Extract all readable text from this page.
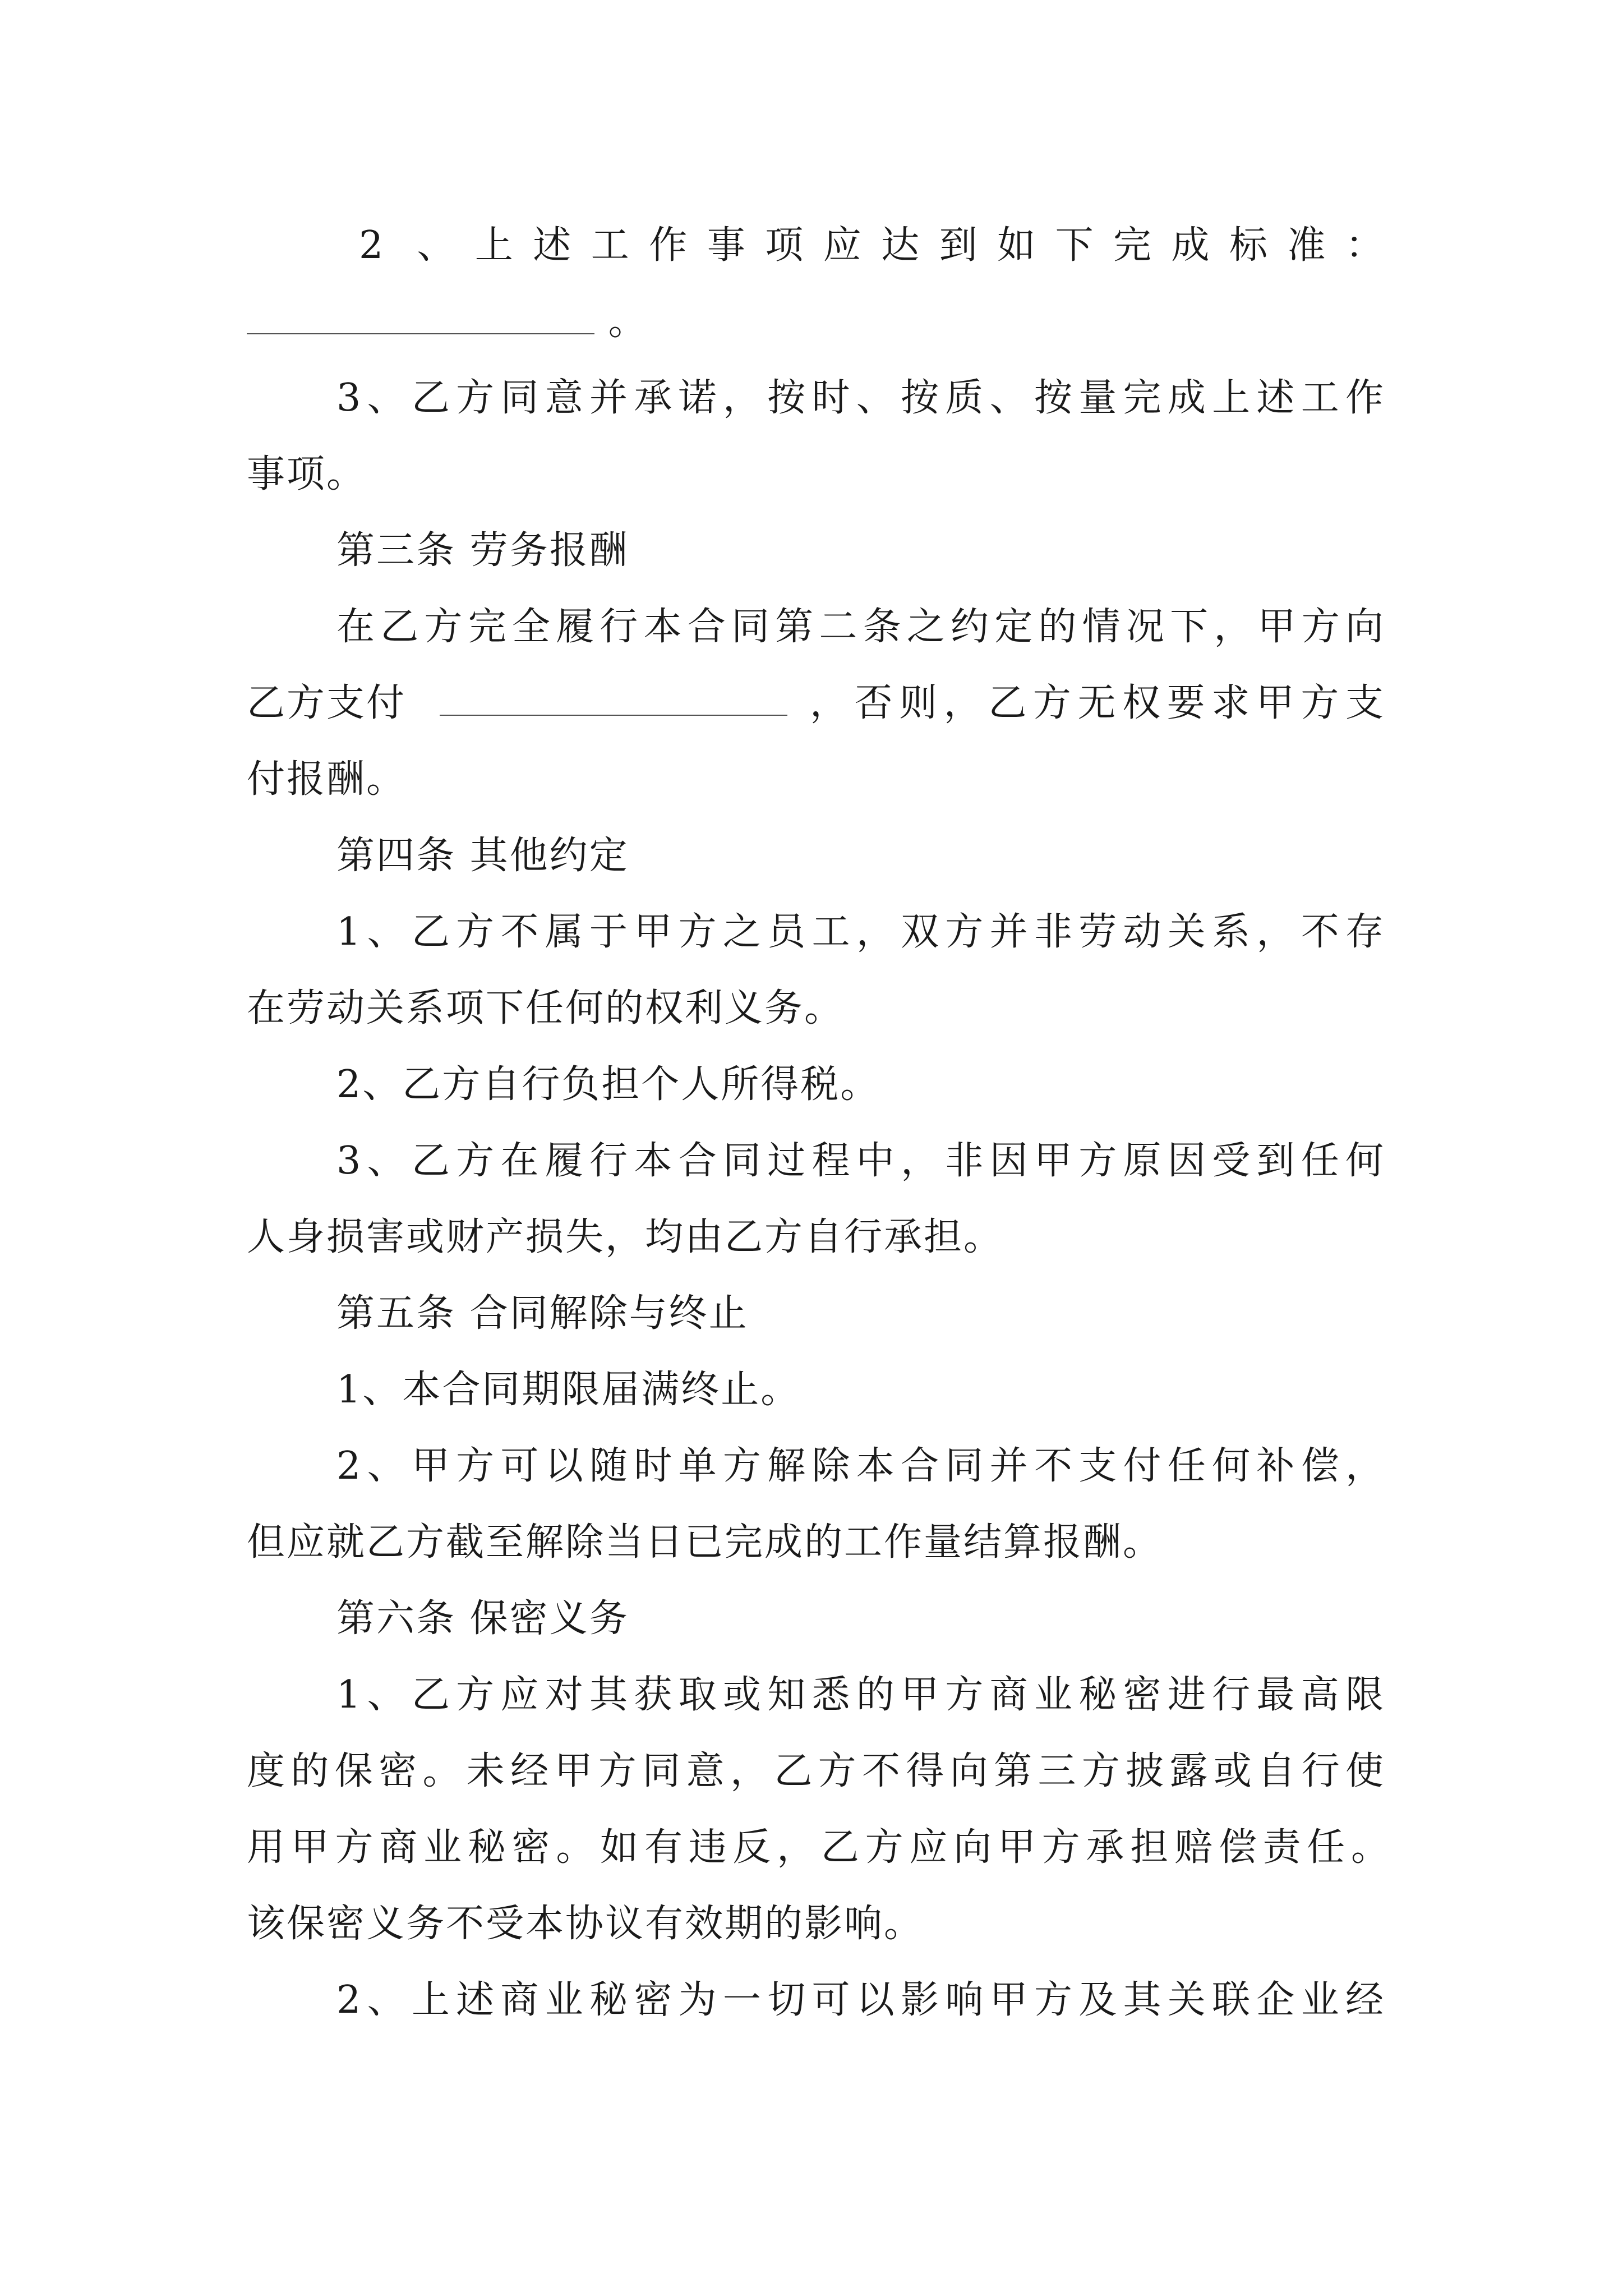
2 、上述工作事项应达到如下完成标准：
。
3、乙方同意并承诺，按时、按质、按量完成上述工作
事项。
第三条 劳务报酬
在乙方完全履行本合同第二条之约定的情况下，甲方向
乙方支付	，否则，乙方无权要求甲方支
付报酬。
第四条 其他约定
1、乙方不属于甲方之员工，双方并非劳动关系，不存
在劳动关系项下任何的权利义务。
2、乙方自行负担个人所得税。
3、乙方在履行本合同过程中，非因甲方原因受到任何
人身损害或财产损失，均由乙方自行承担。
第五条 合同解除与终止
1、本合同期限届满终止。
2、甲方可以随时单方解除本合同并不支付任何补偿，
但应就乙方截至解除当日已完成的工作量结算报酬。
第六条 保密义务
1、乙方应对其获取或知悉的甲方商业秘密进行最高限
度的保密。未经甲方同意，乙方不得向第三方披露或自行使
用甲方商业秘密。如有违反，乙方应向甲方承担赔偿责任。
该保密义务不受本协议有效期的影响。
2、上述商业秘密为一切可以影响甲方及其关联企业经
